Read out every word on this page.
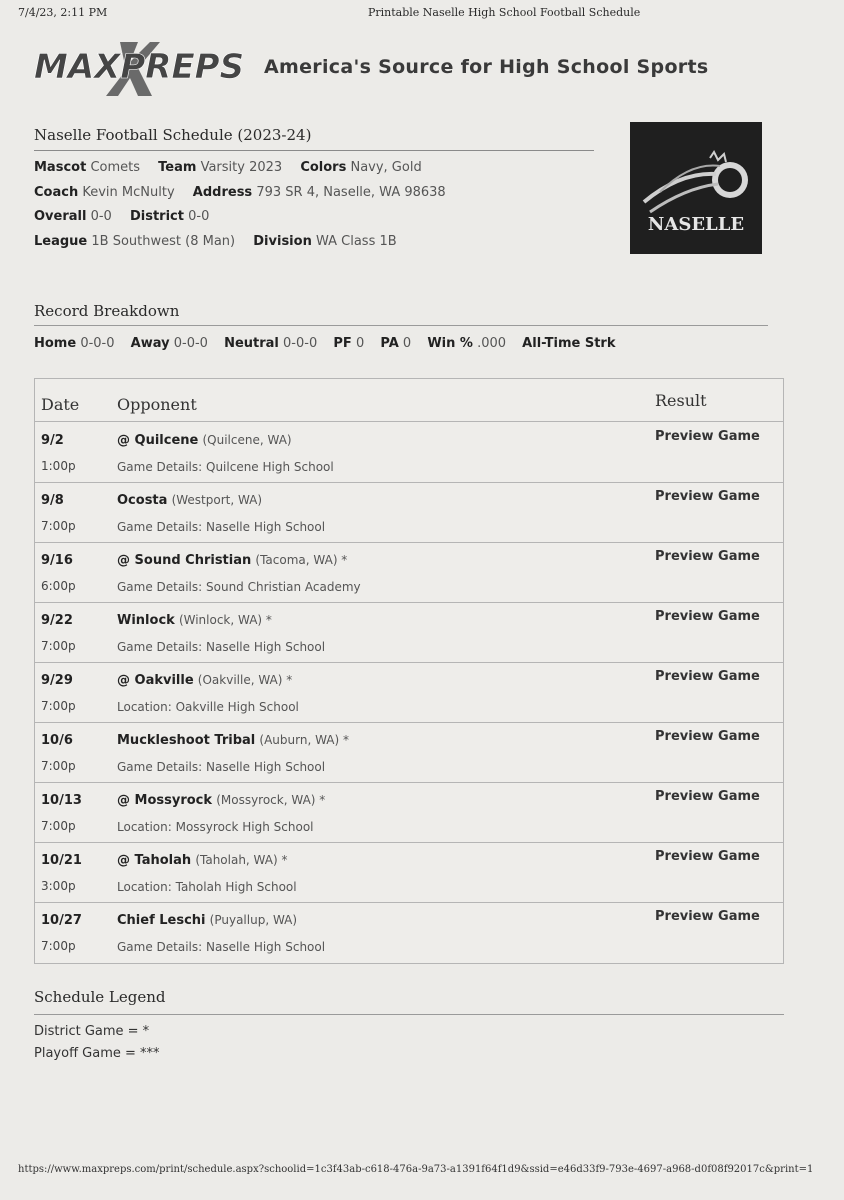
7/4/23, 2:11 PM	Printable Naselle High School Football Schedule
MAXPREPS America's Source for High School Sports
Naselle Football Schedule (2023-24)
Mascot Comets Team Varsity 2023 Colors Navy, Gold
Coach Kevin McNulty Address 793 SR 4, Naselle, WA 98638
Overall 0-0 District 0-0
League 1B Southwest (8 Man) Division WA Class 1B
NASELLE
Record Breakdown
Home 0-0-0 Away 0-0-0 Neutral 0-0-0 PF 0 PA 0 Win % .000 All-Time Strk
Date Opponent	Result
9/2
1:00p
@ Quilcene (Quilcene, WA)
Game Details: Quilcene High School
Preview Game
9/8
7:00p
Ocosta (Westport, WA)
Game Details: Naselle High School
Preview Game
9/16
6:00p
@ Sound Christian (Tacoma, WA) *
Game Details: Sound Christian Academy
Preview Game
9/22
7:00p
Winlock (Winlock, WA) *
Game Details: Naselle High School
Preview Game
9/29
7:00p
@ Oakville (Oakville, WA) *
Location: Oakville High School
Preview Game
10/6
7:00p
Muckleshoot Tribal (Auburn, WA) *
Game Details: Naselle High School
Preview Game
10/13
7:00p
@ Mossyrock (Mossyrock, WA) *
Location: Mossyrock High School
Preview Game
10/21
3:00p
@ Taholah (Taholah, WA) *
Location: Taholah High School
Preview Game
10/27
7:00p
Chief Leschi (Puyallup, WA)
Game Details: Naselle High School
Preview Game
Schedule Legend
District Game = *
Playoff Game = ***
https://www.maxpreps.com/print/schedule.aspx?schoolid=1c3f43ab-c618-476a-9a73-a1391f64f1d9&ssid=e46d33f9-793e-4697-a968-d0f08f92017c&print=1
